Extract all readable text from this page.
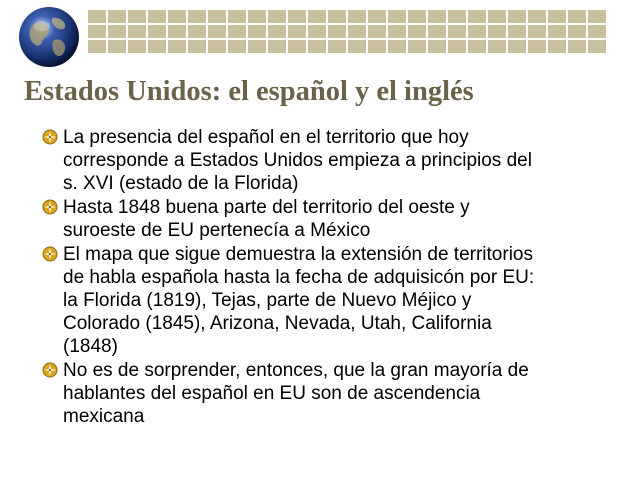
Estados Unidos: el español y el inglés
La presencia del español en el territorio que hoy
corresponde a Estados Unidos empieza a principios del
s. XVI (estado de la Florida)
Hasta 1848 buena parte del territorio del oeste y
suroeste de EU pertenecía a México
El mapa que sigue demuestra la extensión de territorios
de habla española hasta la fecha de adquisicón por EU:
la Florida (1819), Tejas, parte de Nuevo Méjico y
Colorado (1845), Arizona, Nevada, Utah, California
(1848)
No es de sorprender, entonces, que la gran mayoría de
hablantes del español en EU son de ascendencia
mexicana
